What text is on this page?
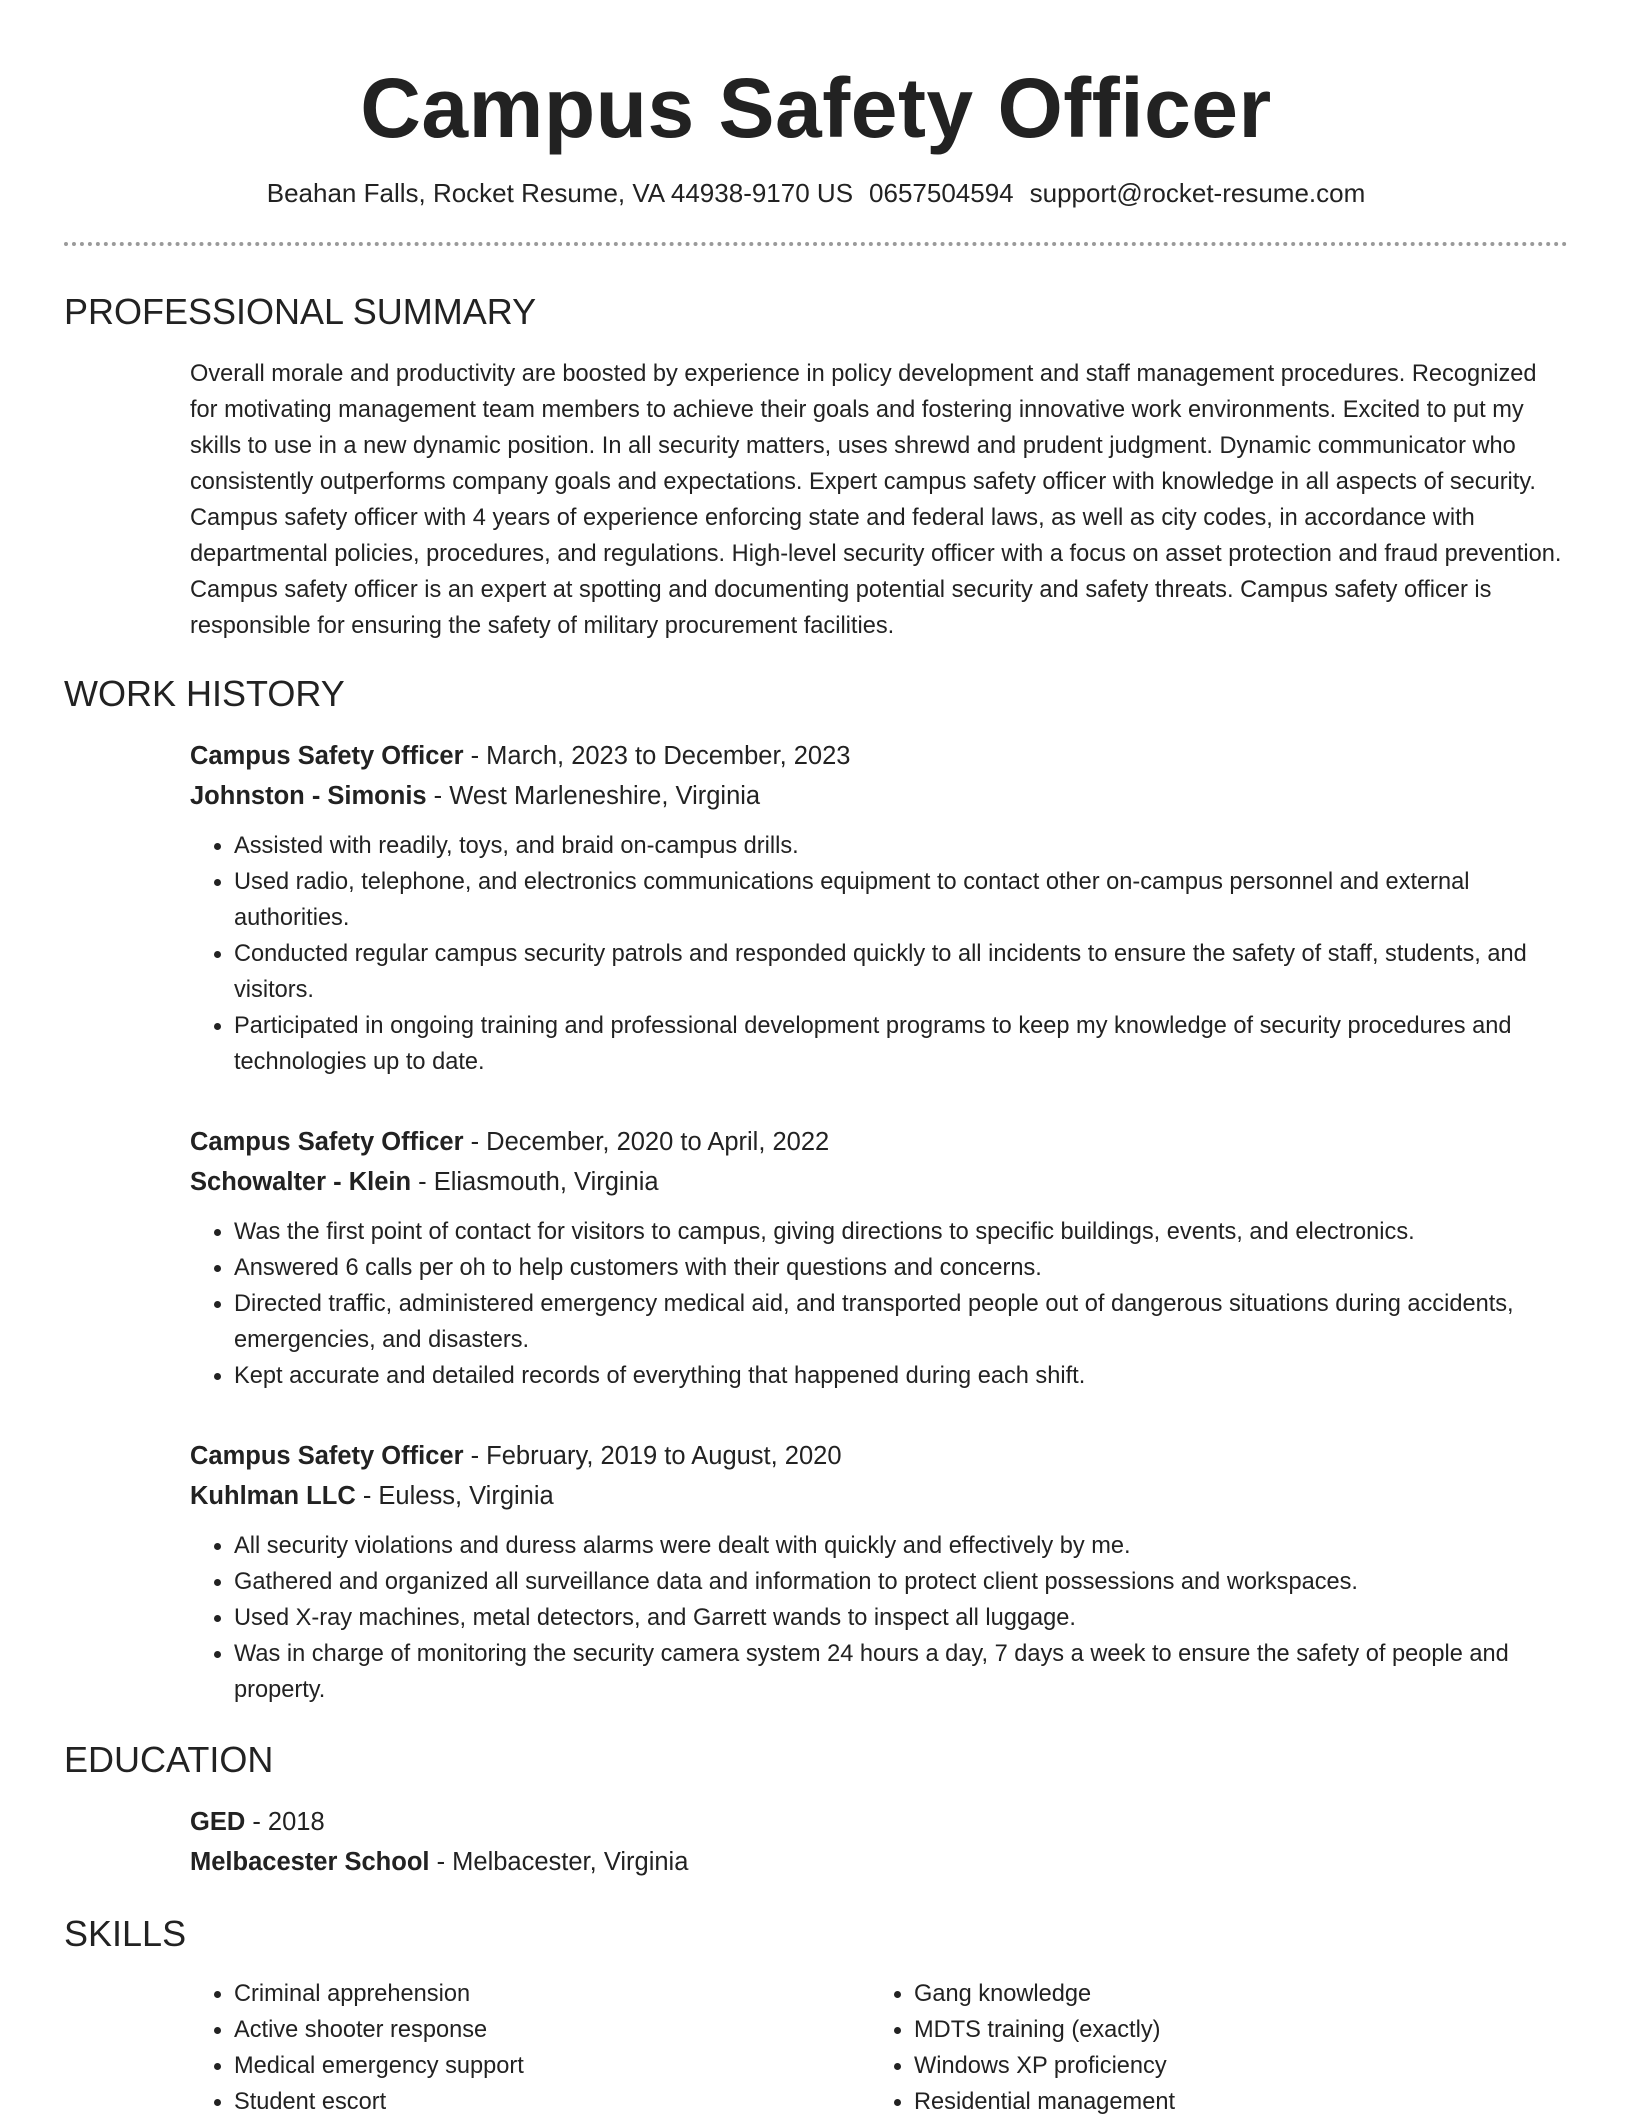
Campus Safety Officer
Beahan Falls, Rocket Resume, VA 44938-9170 US 0657504594 support@rocket-resume.com
PROFESSIONAL SUMMARY
Overall morale and productivity are boosted by experience in policy development and staff management procedures. Recognized for motivating management team members to achieve their goals and fostering innovative work environments. Excited to put my skills to use in a new dynamic position. In all security matters, uses shrewd and prudent judgment. Dynamic communicator who consistently outperforms company goals and expectations. Expert campus safety officer with knowledge in all aspects of security. Campus safety officer with 4 years of experience enforcing state and federal laws, as well as city codes, in accordance with departmental policies, procedures, and regulations. High-level security officer with a focus on asset protection and fraud prevention. Campus safety officer is an expert at spotting and documenting potential security and safety threats. Campus safety officer is responsible for ensuring the safety of military procurement facilities.
WORK HISTORY
Campus Safety Officer - March, 2023 to December, 2023
Johnston - Simonis - West Marleneshire, Virginia
• Assisted with readily, toys, and braid on-campus drills.
• Used radio, telephone, and electronics communications equipment to contact other on-campus personnel and external authorities.
• Conducted regular campus security patrols and responded quickly to all incidents to ensure the safety of staff, students, and visitors.
• Participated in ongoing training and professional development programs to keep my knowledge of security procedures and technologies up to date.
Campus Safety Officer - December, 2020 to April, 2022
Schowalter - Klein - Eliasmouth, Virginia
• Was the first point of contact for visitors to campus, giving directions to specific buildings, events, and electronics.
• Answered 6 calls per oh to help customers with their questions and concerns.
• Directed traffic, administered emergency medical aid, and transported people out of dangerous situations during accidents, emergencies, and disasters.
• Kept accurate and detailed records of everything that happened during each shift.
Campus Safety Officer - February, 2019 to August, 2020
Kuhlman LLC - Euless, Virginia
• All security violations and duress alarms were dealt with quickly and effectively by me.
• Gathered and organized all surveillance data and information to protect client possessions and workspaces.
• Used X-ray machines, metal detectors, and Garrett wands to inspect all luggage.
• Was in charge of monitoring the security camera system 24 hours a day, 7 days a week to ensure the safety of people and property.
EDUCATION
GED - 2018
Melbacester School - Melbacester, Virginia
SKILLS
• Criminal apprehension
• Active shooter response
• Medical emergency support
• Student escort
• Gang knowledge
• MDTS training (exactly)
• Windows XP proficiency
• Residential management
